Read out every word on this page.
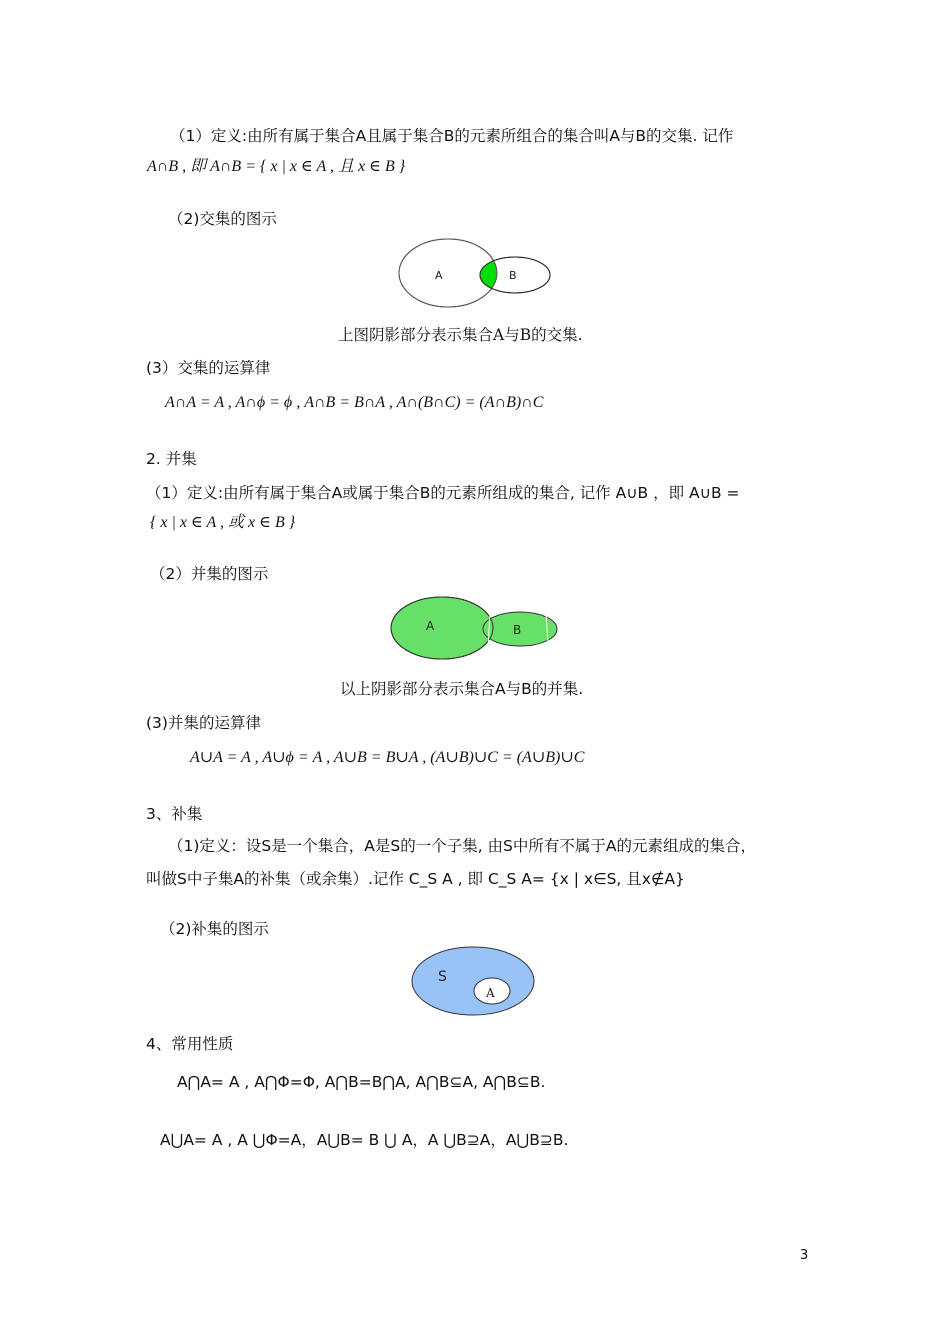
（1）定义:由所有属于集合A且属于集合B的元素所组合的集合叫A与B的交集. 记作
A∩B , 即 A∩B = { x | x ∈ A , 且 x ∈ B }
（2)交集的图示
A	B
上图阴影部分表示集合A与B的交集.
(3）交集的运算律
A∩A = A , A∩ϕ = ϕ , A∩B = B∩A , A∩(B∩C) = (A∩B)∩C
2. 并集
（1）定义:由所有属于集合A或属于集合B的元素所组成的集合, 记作 A∪B ，即 A∪B =
{ x | x ∈ A , 或 x ∈ B }
（2）并集的图示
A	B
以上阴影部分表示集合A与B的并集.
(3)并集的运算律
A∪A = A , A∪ϕ = A , A∪B = B∪A , (A∪B)∪C = (A∪B)∪C
3、补集
（1)定义：设S是一个集合，A是S的一个子集, 由S中所有不属于A的元素组成的集合，
叫做S中子集A的补集（或余集）.记作 C_S A , 即 C_S A= {x | x∈S, 且x∉A}
（2)补集的图示
S
A
4、常用性质
A⋂A= A , A⋂Φ=Φ, A⋂B=B⋂A, A⋂B⊆A, A⋂B⊆B.
A⋃A= A , A ⋃Φ=A，A⋃B= B ⋃ A，A ⋃B⊇A，A⋃B⊇B.
3
